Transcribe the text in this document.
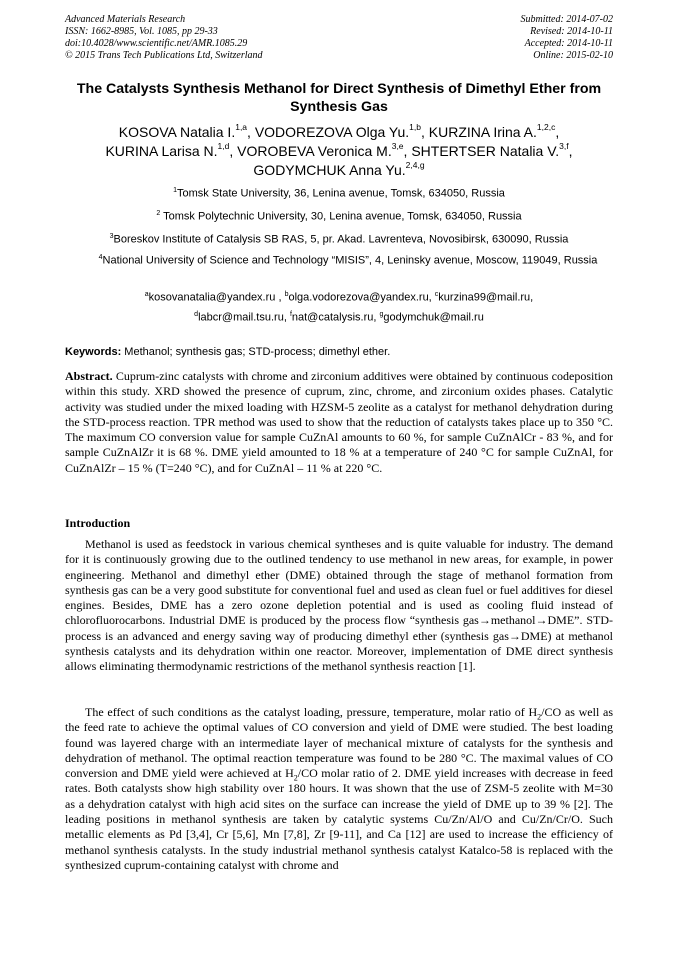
Advanced Materials Research
ISSN: 1662-8985, Vol. 1085, pp 29-33
doi:10.4028/www.scientific.net/AMR.1085.29
© 2015 Trans Tech Publications Ltd, Switzerland
Submitted: 2014-07-02
Revised: 2014-10-11
Accepted: 2014-10-11
Online: 2015-02-10
The Catalysts Synthesis Methanol for Direct Synthesis of Dimethyl Ether from Synthesis Gas
KOSOVA Natalia I.$^{1,a}$, VODOREZOVA Olga Yu.$^{1,b}$, KURZINA Irina A.$^{1,2,c}$,
KURINA Larisa N.$^{1,d}$, VOROBEVA Veronica M.$^{3,e}$, SHTERTSER Natalia V.$^{3,f}$,
GODYMCHUK Anna Yu.$^{2,4,g}$
$^1$Tomsk State University, 36, Lenina avenue, Tomsk, 634050, Russia
$^2$ Tomsk Polytechnic University, 30, Lenina avenue, Tomsk, 634050, Russia
$^3$Boreskov Institute of Catalysis SB RAS, 5, pr. Akad. Lavrenteva, Novosibirsk, 630090, Russia
$^4$National University of Science and Technology “MISIS”, 4, Leninsky avenue, Moscow, 119049, Russia
$^a$kosovanatalia@yandex.ru , $^b$olga.vodorezova@yandex.ru, $^c$kurzina99@mail.ru,
$^d$labcr@mail.tsu.ru, $^f$nat@catalysis.ru, $^g$godymchuk@mail.ru
Keywords: Methanol; synthesis gas; STD-process; dimethyl ether.
Abstract. Cuprum-zinc catalysts with chrome and zirconium additives were obtained by continuous codeposition within this study. XRD showed the presence of cuprum, zinc, chrome, and zirconium oxides phases. Catalytic activity was studied under the mixed loading with HZSM-5 zeolite as a catalyst for methanol dehydration during the STD-process reaction. TPR method was used to show that the reduction of catalysts takes place up to 350 °C. The maximum CO conversion value for sample CuZnAl amounts to 60 %, for sample CuZnAlCr - 83 %, and for sample CuZnAlZr it is 68 %. DME yield amounted to 18 % at a temperature of 240 °C for sample CuZnAl, for CuZnAlZr – 15 % (T=240 °C), and for CuZnAl – 11 % at 220 °C.
Introduction
Methanol is used as feedstock in various chemical syntheses and is quite valuable for industry. The demand for it is continuously growing due to the outlined tendency to use methanol in new areas, for example, in power engineering. Methanol and dimethyl ether (DME) obtained through the stage of methanol formation from synthesis gas can be a very good substitute for conventional fuel and used as clean fuel or fuel additives for diesel engines. Besides, DME has a zero ozone depletion potential and is used as cooling fluid instead of chlorofluorocarbons. Industrial DME is produced by the process flow “synthesis gas→methanol→DME”. STD-process is an advanced and energy saving way of producing dimethyl ether (synthesis gas→DME) at methanol synthesis catalysts and its dehydration within one reactor. Moreover, implementation of DME direct synthesis allows eliminating thermodynamic restrictions of the methanol synthesis reaction [1].
The effect of such conditions as the catalyst loading, pressure, temperature, molar ratio of $H_2/CO$ as well as the feed rate to achieve the optimal values of CO conversion and yield of DME were studied. The best loading found was layered charge with an intermediate layer of mechanical mixture of catalysts for the synthesis and dehydration of methanol. The optimal reaction temperature was found to be 280 °C. The maximal values of CO conversion and DME yield were achieved at $H_2/CO$ molar ratio of 2. DME yield increases with decrease in feed rates. Both catalysts show high stability over 180 hours. It was shown that the use of ZSM-5 zeolite with M=30 as a dehydration catalyst with high acid sites on the surface can increase the yield of DME up to 39 % [2]. The leading positions in methanol synthesis are taken by catalytic systems Cu/Zn/Al/O and Cu/Zn/Cr/O. Such metallic elements as Pd [3,4], Cr [5,6], Mn [7,8], Zr [9-11], and Ca [12] are used to increase the efficiency of methanol synthesis catalysts. In the study industrial methanol synthesis catalyst Katalco-58 is replaced with the synthesized cuprum-containing catalyst with chrome and
